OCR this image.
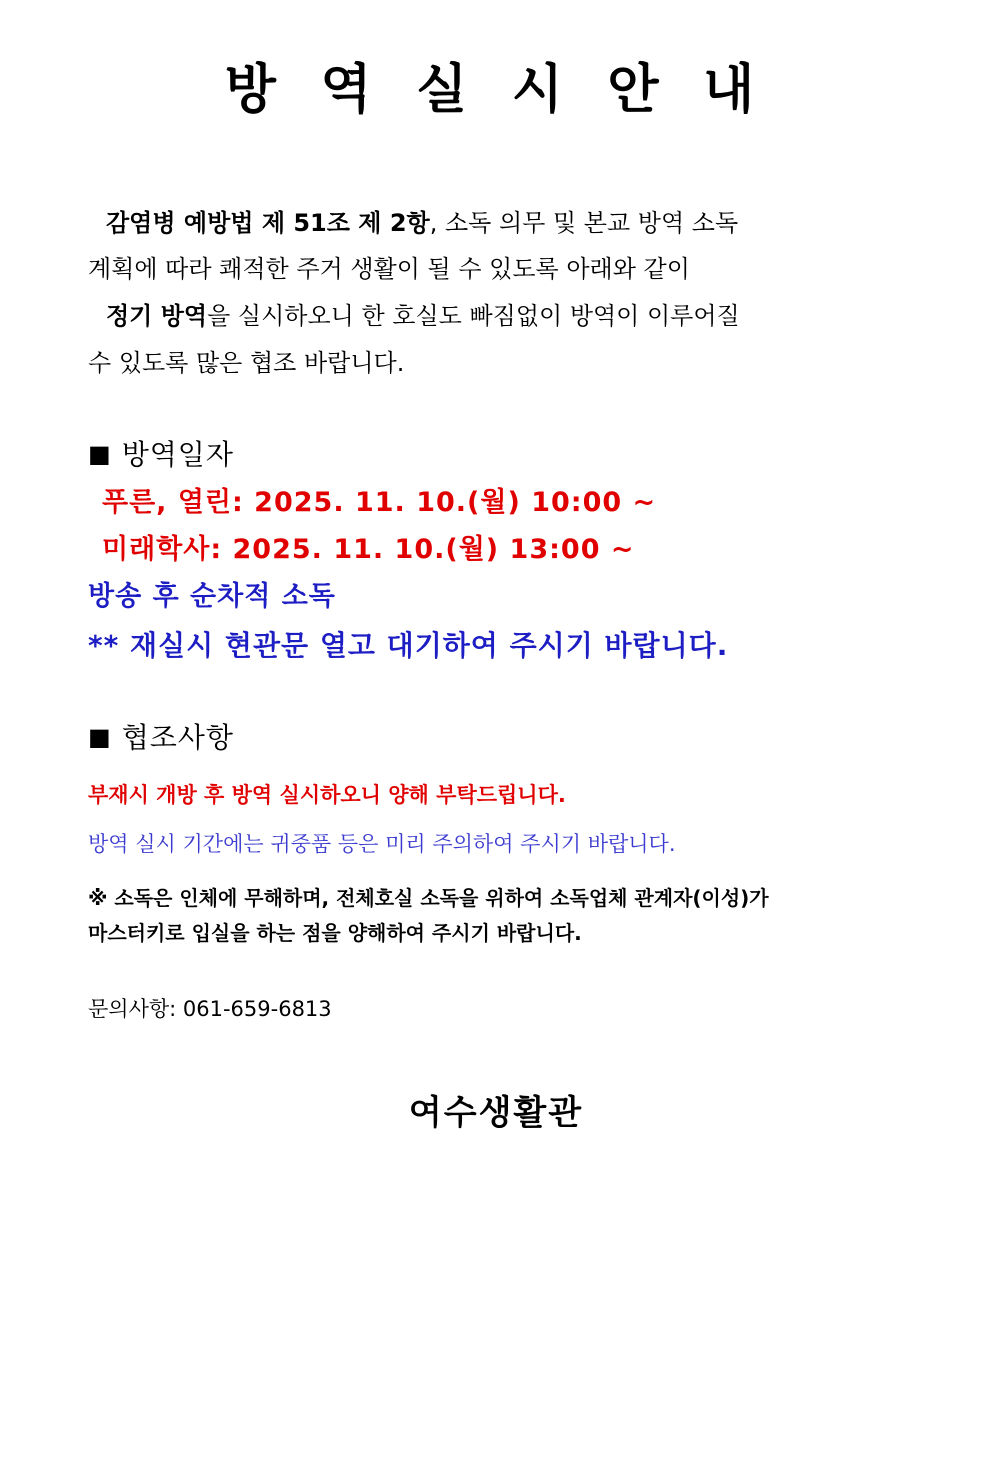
방 역 실 시 안 내

감염병 예방법 제 51조 제 2항, 소독 의무 및 본교 방역 소독

계획에 따라 쾌적한 주거 생활이 될 수 있도록 아래와 같이

정기 방역을 실시하오니 한 호실도 빠짐없이 방역이 이루어질

수 있도록 많은 협조 바랍니다.

■ 방역일자
푸른, 열린: 2025. 11. 10.(월) 10:00 ~
미래학사: 2025. 11. 10.(월) 13:00 ~
방송 후 순차적 소독
** 재실시 현관문 열고 대기하여 주시기 바랍니다.
■ 협조사항
부재시 개방 후 방역 실시하오니 양해 부탁드립니다.
방역 실시 기간에는 귀중품 등은 미리 주의하여 주시기 바랍니다.
※ 소독은 인체에 무해하며, 전체호실 소독을 위하여 소독업체 관계자(이성)가
마스터키로 입실을 하는 점을 양해하여 주시기 바랍니다.
문의사항: 061-659-6813
여수생활관
